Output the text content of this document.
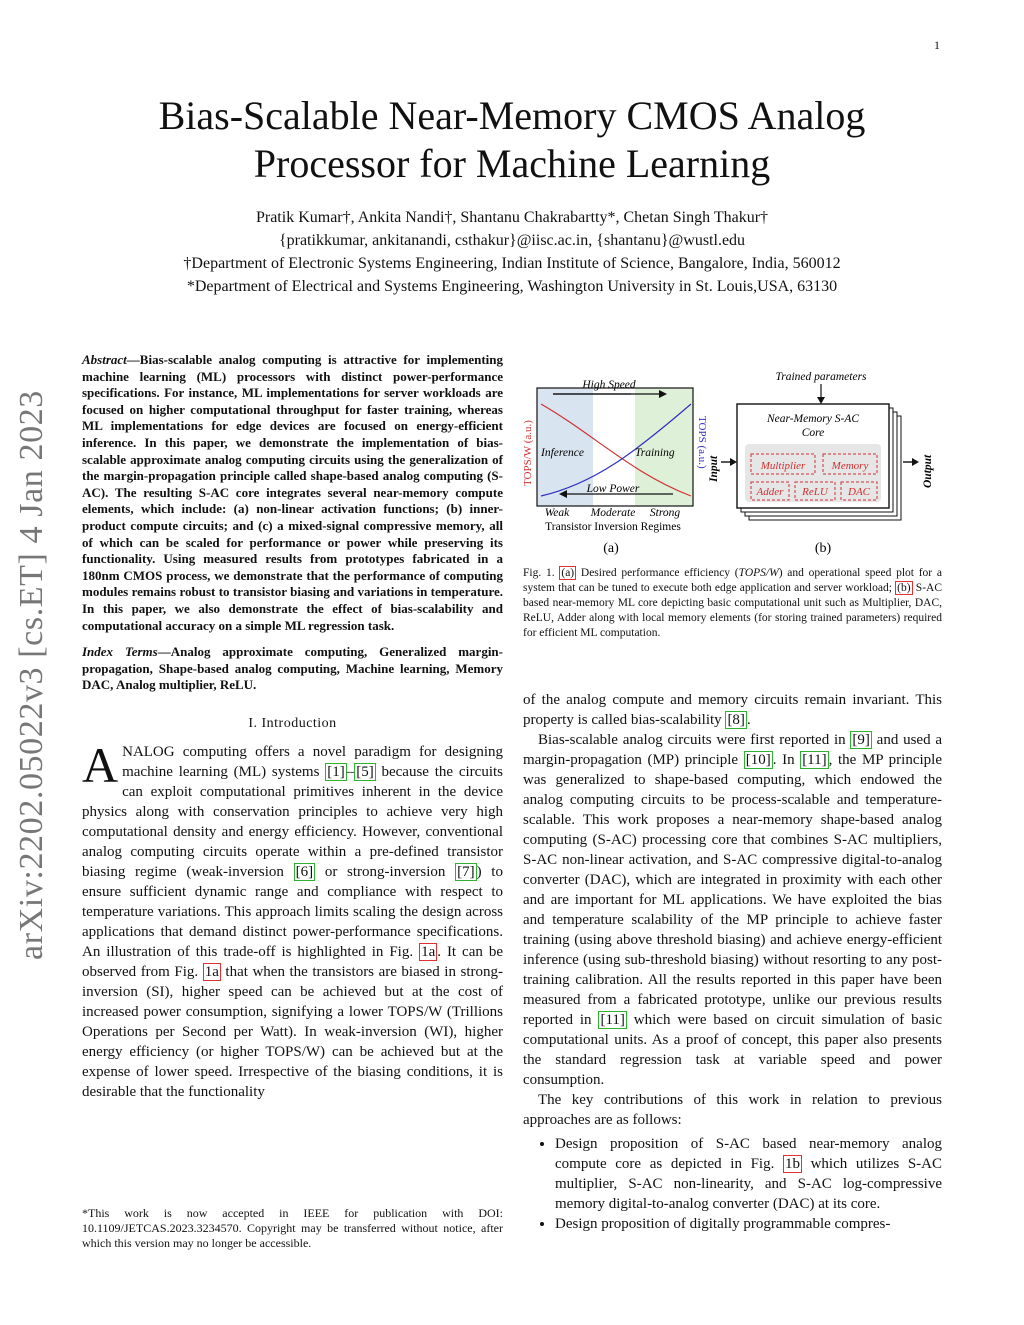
1
arXiv:2202.05022v3 [cs.ET] 4 Jan 2023
Bias-Scalable Near-Memory CMOS Analog Processor for Machine Learning
Pratik Kumar†, Ankita Nandi†, Shantanu Chakrabartty*, Chetan Singh Thakur†
{pratikkumar, ankitanandi, csthakur}@iisc.ac.in, {shantanu}@wustl.edu
†Department of Electronic Systems Engineering, Indian Institute of Science, Bangalore, India, 560012
*Department of Electrical and Systems Engineering, Washington University in St. Louis,USA, 63130
Abstract—Bias-scalable analog computing is attractive for implementing machine learning (ML) processors with distinct power-performance specifications. For instance, ML implementations for server workloads are focused on higher computational throughput for faster training, whereas ML implementations for edge devices are focused on energy-efficient inference. In this paper, we demonstrate the implementation of bias-scalable approximate analog computing circuits using the generalization of the margin-propagation principle called shape-based analog computing (S-AC). The resulting S-AC core integrates several near-memory compute elements, which include: (a) non-linear activation functions; (b) inner-product compute circuits; and (c) a mixed-signal compressive memory, all of which can be scaled for performance or power while preserving its functionality. Using measured results from prototypes fabricated in a 180nm CMOS process, we demonstrate that the performance of computing modules remains robust to transistor biasing and variations in temperature. In this paper, we also demonstrate the effect of bias-scalability and computational accuracy on a simple ML regression task.
Index Terms—Analog approximate computing, Generalized margin-propagation, Shape-based analog computing, Machine learning, Memory DAC, Analog multiplier, ReLU.
I. Introduction
ANALOG computing offers a novel paradigm for designing machine learning (ML) systems [1] – [5] because the circuits can exploit computational primitives inherent in the device physics along with conservation principles to achieve very high computational density and energy efficiency. However, conventional analog computing circuits operate within a pre-defined transistor biasing regime (weak-inversion [6] or strong-inversion [7] ) to ensure sufficient dynamic range and compliance with respect to temperature variations. This approach limits scaling the design across applications that demand distinct power-performance specifications. An illustration of this trade-off is highlighted in Fig. 1a . It can be observed from Fig. 1a that when the transistors are biased in strong-inversion (SI), higher speed can be achieved but at the cost of increased power consumption, signifying a lower TOPS/W (Trillions Operations per Second per Watt). In weak-inversion (WI), higher energy efficiency (or higher TOPS/W) can be achieved but at the expense of lower speed. Irrespective of the biasing conditions, it is desirable that the functionality
*This work is now accepted in IEEE for publication with DOI: 10.1109/JETCAS.2023.3234570. Copyright may be transferred without notice, after which this version may no longer be accessible.
High Speed
Inference	Training
Low Power
TOPS/W (a.u.)	TOPS (a.u.)
Weak Moderate Strong
Transistor Inversion Regimes
(a)
Trained parameters
Near-Memory S-AC
Core
Multiplier Memory
Adder ReLU DAC
Input	Output
(b)
Fig. 1. (a) Desired performance efficiency (TOPS/W) and operational speed plot for a system that can be tuned to execute both edge application and server workload; (b) S-AC based near-memory ML core depicting basic computational unit such as Multiplier, DAC, ReLU, Adder along with local memory elements (for storing trained parameters) required for efficient ML computation.

of the analog compute and memory circuits remain invariant. This property is called bias-scalability [8] .

Bias-scalable analog circuits were first reported in [9] and used a margin-propagation (MP) principle [10] . In [11] , the MP principle was generalized to shape-based computing, which endowed the analog computing circuits to be process-scalable and temperature-scalable. This work proposes a near-memory shape-based analog computing (S-AC) processing core that combines S-AC multipliers, S-AC non-linear activation, and S-AC compressive digital-to-analog converter (DAC), which are integrated in proximity with each other and are important for ML applications. We have exploited the bias and temperature scalability of the MP principle to achieve faster training (using above threshold biasing) and achieve energy-efficient inference (using sub-threshold biasing) without resorting to any post-training calibration. All the results reported in this paper have been measured from a fabricated prototype, unlike our previous results reported in [11] which were based on circuit simulation of basic computational units. As a proof of concept, this paper also presents the standard regression task at variable speed and power consumption.

The key contributions of this work in relation to previous approaches are as follows:

• Design proposition of S-AC based near-memory analog compute core as depicted in Fig. 1b which utilizes S-AC multiplier, S-AC non-linearity, and S-AC log-compressive memory digital-to-analog converter (DAC) at its core.
• Design proposition of digitally programmable compres-
